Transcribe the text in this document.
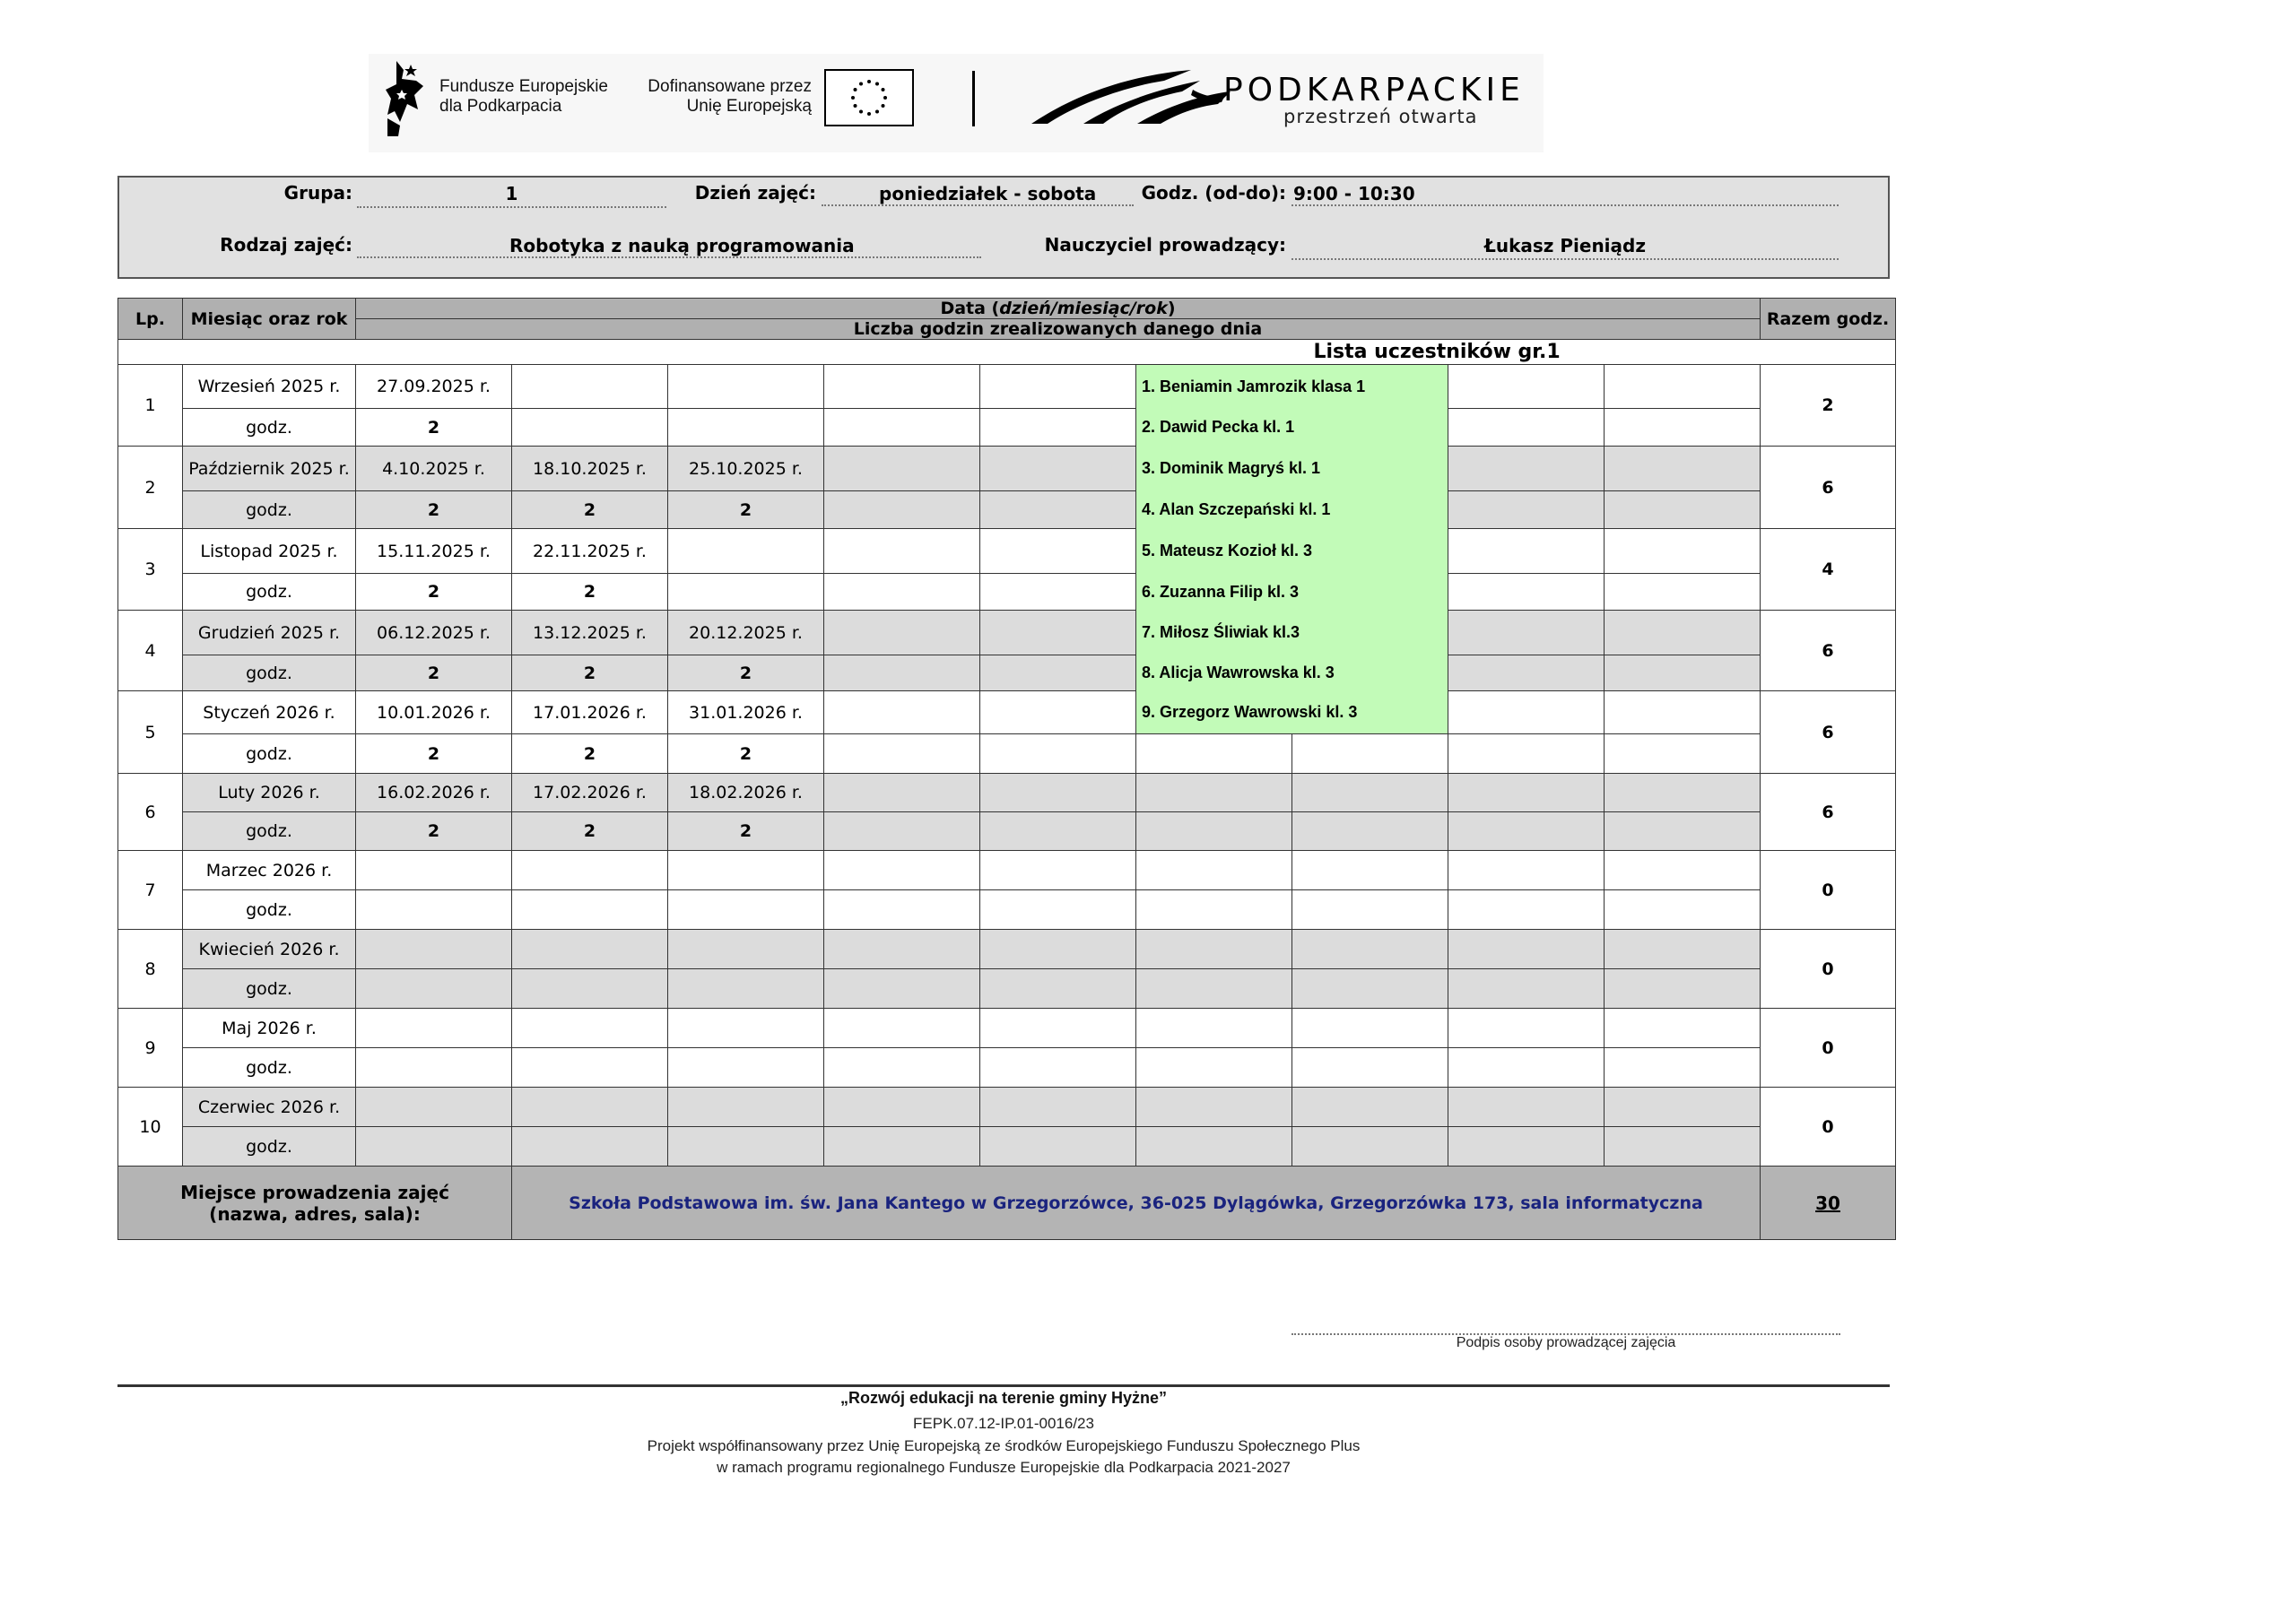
Fundusze Europejskie
dla Podkarpacia
Dofinansowane przez
Unię Europejską	PODKARPACKIE
przestrzeń otwarta
Grupa:	1	Dzień zajęć:	poniedziałek - sobota	Godz. (od-do): 9:00 - 10:30
Rodzaj zajęć:	Robotyka z nauką programowania	Nauczyciel prowadzący:	Łukasz Pieniądz
Lp.	Miesiąc oraz rok	Data (dzień/miesiąc/rok)									Razem godz.
		Liczba godzin zrealizowanych danego dnia									
		Lista uczestników gr.1									
1	Wrzesień 2025 r.	27.09.2025 r.					1. Beniamin Jamrozik klasa 1				2
	godz.	2					2. Dawid Pecka kl. 1				
2	Październik 2025 r.	4.10.2025 r.	18.10.2025 r.	25.10.2025 r.			3. Dominik Magryś kl. 1				6
	godz.	2	2	2			4. Alan Szczepański kl. 1				
3	Listopad 2025 r.	15.11.2025 r.	22.11.2025 r.				5. Mateusz Kozioł kl. 3				4
	godz.	2	2				6. Zuzanna Filip kl. 3				
4	Grudzień 2025 r.	06.12.2025 r.	13.12.2025 r.	20.12.2025 r.			7. Miłosz Śliwiak kl.3				6
	godz.	2	2	2			8. Alicja Wawrowska kl. 3				
5	Styczeń 2026 r.	10.01.2026 r.	17.01.2026 r.	31.01.2026 r.			9. Grzegorz Wawrowski kl. 3				6
	godz.	2	2	2							
6	Luty 2026 r.	16.02.2026 r.	17.02.2026 r.	18.02.2026 r.							6
	godz.	2	2	2							
7	Marzec 2026 r.										0
	godz.										
8	Kwiecień 2026 r.										0
	godz.										
9	Maj 2026 r.										0
	godz.										
10	Czerwiec 2026 r.										0
	godz.										
Miejsce prowadzenia zajęć (nazwa, adres, sala):			Szkoła Podstawowa im. św. Jana Kantego w Grzegorzówce, 36-025 Dylągówka, Grzegorzówka 173, sala informatyczna								30
Podpis osoby prowadzącej zajęcia
„Rozwój edukacji na terenie gminy Hyżne”
FEPK.07.12-IP.01-0016/23
Projekt współfinansowany przez Unię Europejską ze środków Europejskiego Funduszu Społecznego Plus
w ramach programu regionalnego Fundusze Europejskie dla Podkarpacia 2021-2027
